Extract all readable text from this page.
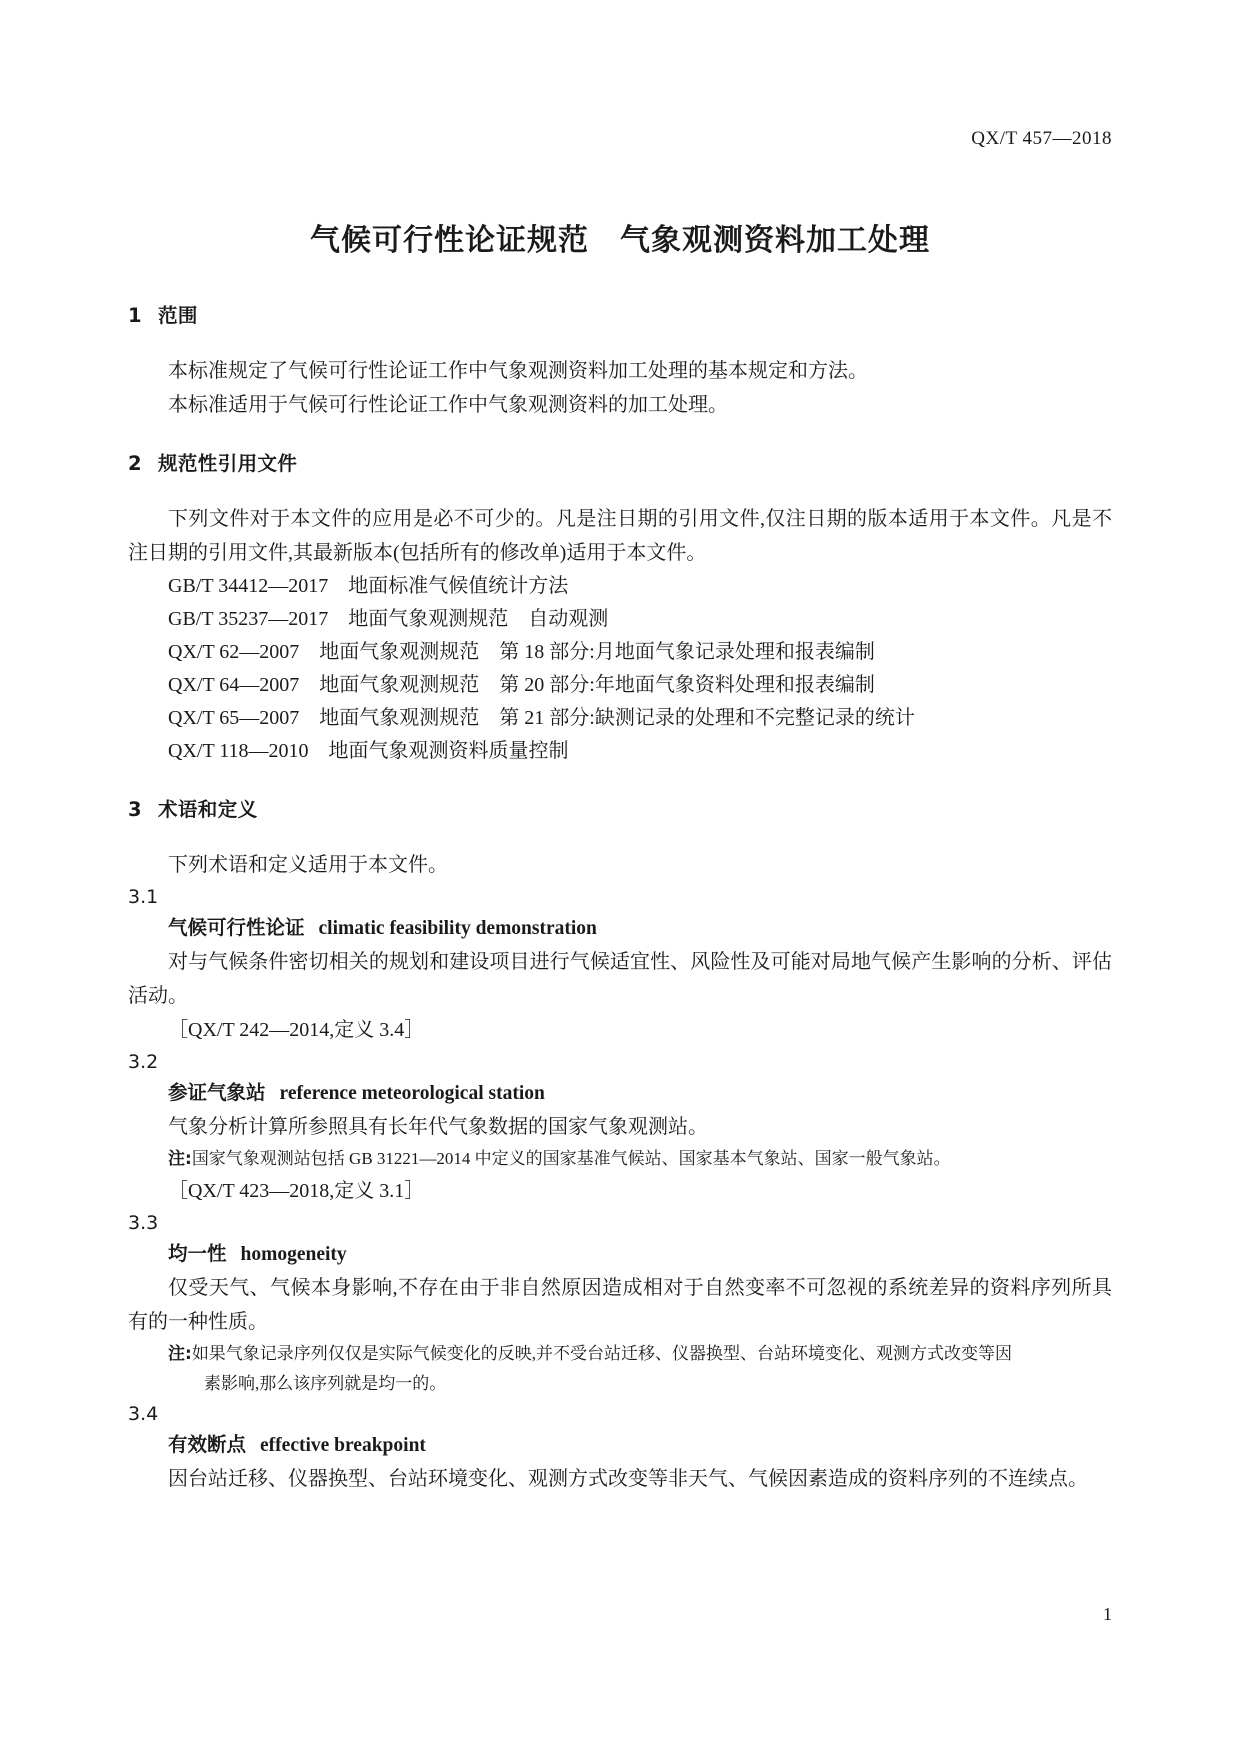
QX/T 457—2018
气候可行性论证规范　气象观测资料加工处理
1 范围
本标准规定了气候可行性论证工作中气象观测资料加工处理的基本规定和方法。
本标准适用于气候可行性论证工作中气象观测资料的加工处理。
2 规范性引用文件
下列文件对于本文件的应用是必不可少的。凡是注日期的引用文件,仅注日期的版本适用于本文件。凡是不注日期的引用文件,其最新版本(包括所有的修改单)适用于本文件。
GB/T 34412—2017　地面标准气候值统计方法
GB/T 35237—2017　地面气象观测规范　自动观测
QX/T 62—2007　地面气象观测规范　第 18 部分:月地面气象记录处理和报表编制
QX/T 64—2007　地面气象观测规范　第 20 部分:年地面气象资料处理和报表编制
QX/T 65—2007　地面气象观测规范　第 21 部分:缺测记录的处理和不完整记录的统计
QX/T 118—2010　地面气象观测资料质量控制
3 术语和定义
下列术语和定义适用于本文件。
3.1
气候可行性论证 climatic feasibility demonstration
对与气候条件密切相关的规划和建设项目进行气候适宜性、风险性及可能对局地气候产生影响的分析、评估活动。
［QX/T 242—2014,定义 3.4］
3.2
参证气象站 reference meteorological station
气象分析计算所参照具有长年代气象数据的国家气象观测站。
注:国家气象观测站包括 GB 31221—2014 中定义的国家基准气候站、国家基本气象站、国家一般气象站。
［QX/T 423—2018,定义 3.1］
3.3
均一性 homogeneity
仅受天气、气候本身影响,不存在由于非自然原因造成相对于自然变率不可忽视的系统差异的资料序列所具有的一种性质。
注:如果气象记录序列仅仅是实际气候变化的反映,并不受台站迁移、仪器换型、台站环境变化、观测方式改变等因
素影响,那么该序列就是均一的。
3.4
有效断点 effective breakpoint
因台站迁移、仪器换型、台站环境变化、观测方式改变等非天气、气候因素造成的资料序列的不连续点。
1
